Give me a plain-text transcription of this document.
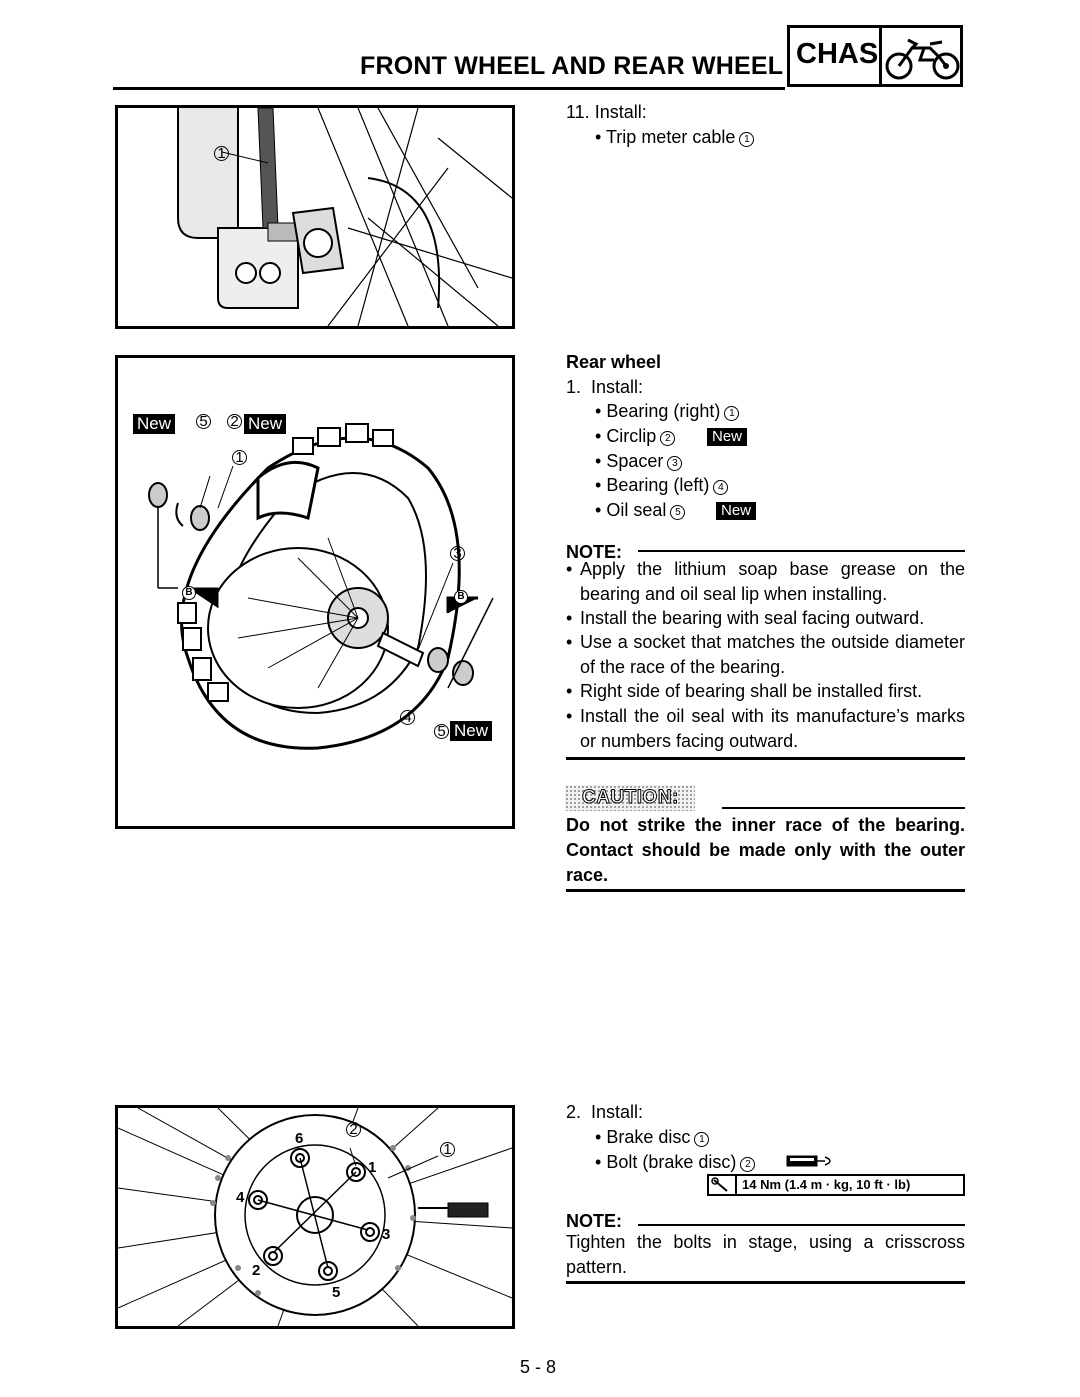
FRONT WHEEL AND REAR WHEEL CHAS
1
New 5 2 New
1
3
4
5 New
B	B
2
1
6
1
4
3
2
5
11. Install:
• Trip meter cable 1
Rear wheel
1. Install:
• Bearing (right) 1
• Circlip 2	New
• Spacer 3
• Bearing (left) 4
• Oil seal 5	New
NOTE:
• Apply the lithium soap base grease on the bearing and oil seal lip when installing.
• Install the bearing with seal facing outward.
• Use a socket that matches the outside diameter of the race of the bearing.
• Right side of bearing shall be installed first.
• Install the oil seal with its manufacture’s marks or numbers facing outward.
CAUTION:
Do not strike the inner race of the bearing. Contact should be made only with the outer race.
2. Install:
• Brake disc 1
• Bolt (brake disc) 2
14 Nm (1.4 m · kg, 10 ft · lb)
NOTE:
Tighten the bolts in stage, using a crisscross pattern.
5 - 8
